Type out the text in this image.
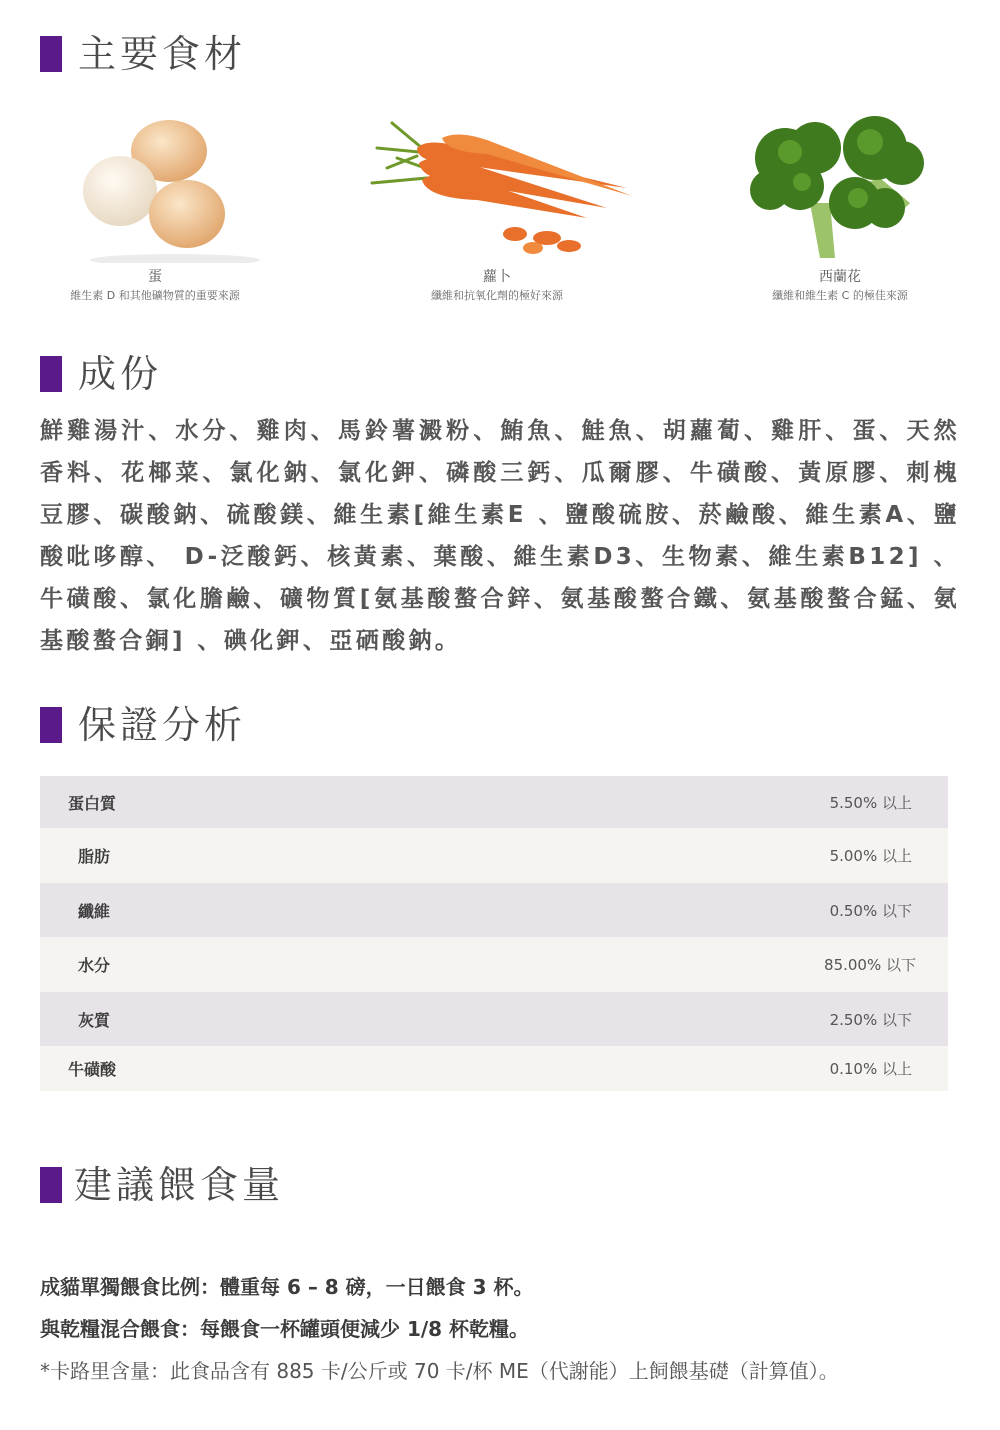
主要食材
蛋
維生素 D 和其他礦物質的重要來源
蘿卜
纖維和抗氧化劑的極好來源
西蘭花
纖維和維生素 C 的極佳來源
成份
鮮雞湯汁、水分、雞肉、馬鈴薯澱粉、鮪魚、鮭魚、胡蘿蔔、雞肝、蛋、天然香料、花椰菜、氯化鈉、氯化鉀、磷酸三鈣、瓜爾膠、牛磺酸、黃原膠、刺槐豆膠、碳酸鈉、硫酸鎂、維生素[維生素E 、鹽酸硫胺、菸鹼酸、維生素A、鹽酸吡哆醇、 D-泛酸鈣、核黃素、葉酸、維生素D3、生物素、維生素B12] 、牛磺酸、氯化膽鹼、礦物質[氨基酸螯合鋅、氨基酸螯合鐵、氨基酸螯合錳、氨基酸螯合銅] 、碘化鉀、亞硒酸鈉。
保證分析
蛋白質	5.50% 以上
脂肪	5.00% 以上
纖維	0.50% 以下
水分	85.00% 以下
灰質	2.50% 以下
牛磺酸	0.10% 以上
建議餵食量

成貓單獨餵食比例：體重每 6 – 8 磅，一日餵食 3 杯。

與乾糧混合餵食：每餵食一杯罐頭便減少 1/8 杯乾糧。

*卡路里含量：此食品含有 885 卡/公斤或 70 卡/杯 ME（代謝能）上飼餵基礎（計算值）。
